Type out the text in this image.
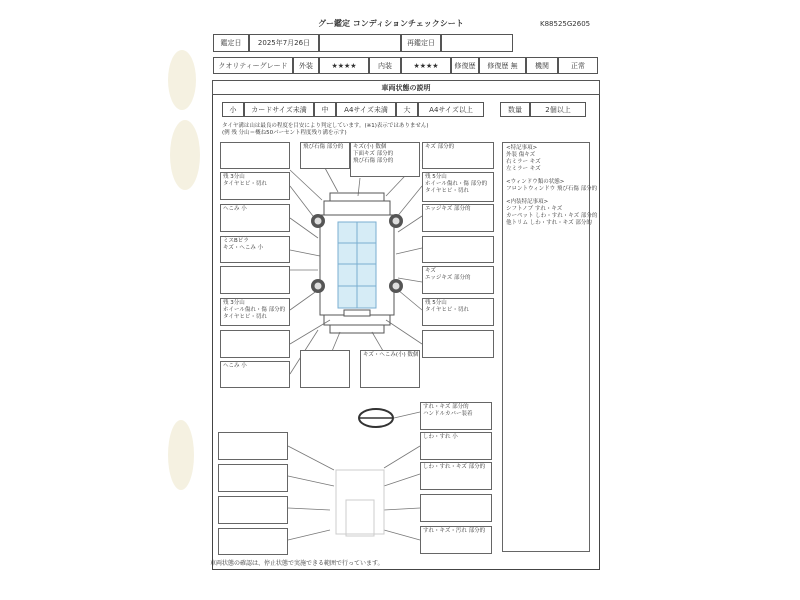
グー鑑定 コンディションチェックシート	K88525G2605
鑑定日	2025年7月26日	再鑑定日
クオリティーグレード	外装	★★★★	内装	★★★★	修復歴	修復歴 無	機関	正常
車両状態の説明
小	カードサイズ未満	中	A4サイズ未満	大	A4サイズ以上	数量	2個以上
タイヤ溝は山は最良の程度を目安により判定しています。(※1)表示ではありません)
(例 残 分山＝概ね50パーセント程度残り溝を示す)
残 3分山
タイヤヒビ・切れ
へこみ 小
ミスBピラ
キズ・へこみ 小
残 3分山
ホイール傷れ・傷 部分的
タイヤヒビ・切れ
へこみ 小
飛び石傷 部分的	キズ(小) 数個
下面キズ 部分的
飛び石傷 部分的
キズ 部分的
残 5分山
ホイール傷れ・傷 部分的
タイヤヒビ・切れ
エッジキズ 部分的
キズ
エッジキズ 部分的
残 5分山
タイヤヒビ・切れ
キズ・へこみ(小) 数個
<特記事項>
外装 傷キズ
右ミラー キズ
左ミラー キズ
<ウィンドウ類の状態>
フロントウィンドウ 飛び石傷 部分的
<内装特記事項>
シフトノブ すれ・キズ
カーペット しわ・すれ・キズ 部分的
他トリム しわ・すれ・キズ 部分的
すれ・キズ 部分的
ハンドルカバー装着
しわ・すれ 小
しわ・すれ・キズ 部分的
すれ・キズ・汚れ 部分的
車両状態の確認は、停止状態で実施できる範囲で行っています。
